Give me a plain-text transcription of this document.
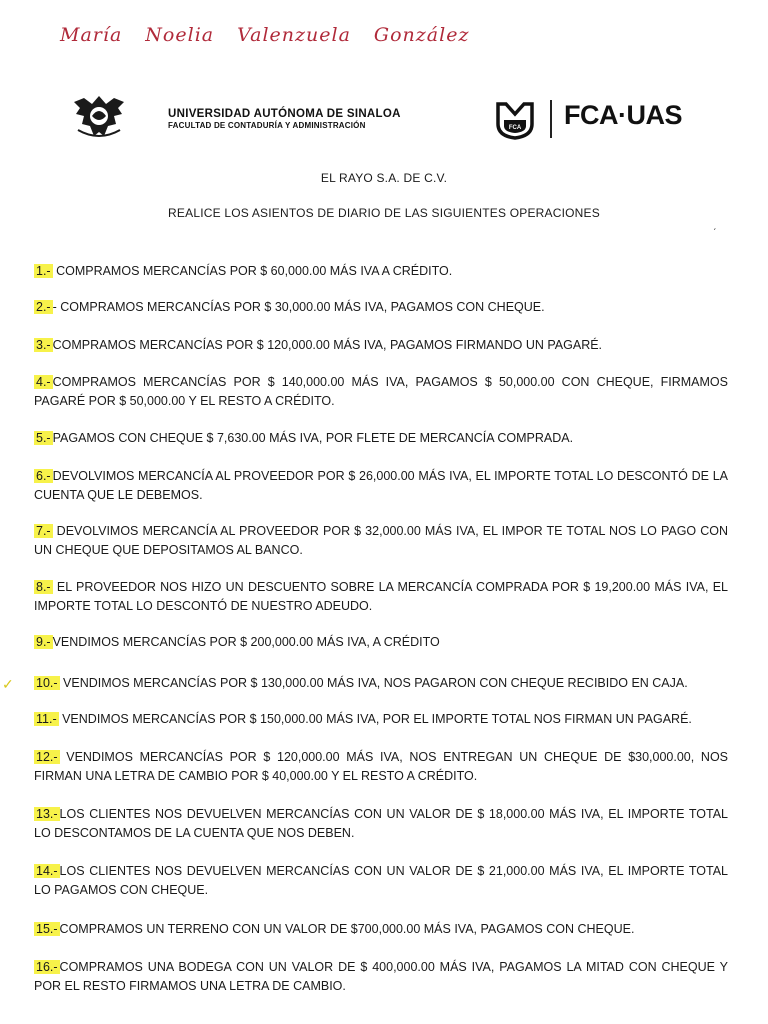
María Noelia Valenzuela González
UNIVERSIDAD AUTÓNOMA DE SINALOA
FACULTAD DE CONTADURÍA Y ADMINISTRACIÓN	FCA FCA·UAS
EL RAYO S.A. DE C.V.
REALICE LOS ASIENTOS DE DIARIO DE LAS SIGUIENTES OPERACIONES
ˊ
1.- COMPRAMOS MERCANCÍAS POR $ 60,000.00 MÁS IVA A CRÉDITO.
2.- - COMPRAMOS MERCANCÍAS POR $ 30,000.00 MÁS IVA, PAGAMOS CON CHEQUE.
3.- COMPRAMOS MERCANCÍAS POR $ 120,000.00 MÁS IVA, PAGAMOS FIRMANDO UN PAGARÉ.
4.- COMPRAMOS MERCANCÍAS POR $ 140,000.00 MÁS IVA, PAGAMOS $ 50,000.00 CON CHEQUE, FIRMAMOS PAGARÉ POR $ 50,000.00 Y EL RESTO A CRÉDITO.
5.- PAGAMOS CON CHEQUE $ 7,630.00 MÁS IVA, POR FLETE DE MERCANCÍA COMPRADA.
6.- DEVOLVIMOS MERCANCÍA AL PROVEEDOR POR $ 26,000.00 MÁS IVA, EL IMPORTE TOTAL LO DESCONTÓ DE LA CUENTA QUE LE DEBEMOS.
7.- DEVOLVIMOS MERCANCÍA AL PROVEEDOR POR $ 32,000.00 MÁS IVA, EL IMPOR TE TOTAL NOS LO PAGO CON UN CHEQUE QUE DEPOSITAMOS AL BANCO.
8.- EL PROVEEDOR NOS HIZO UN DESCUENTO SOBRE LA MERCANCÍA COMPRADA POR $ 19,200.00 MÁS IVA, EL IMPORTE TOTAL LO DESCONTÓ DE NUESTRO ADEUDO.
9.- VENDIMOS MERCANCÍAS POR $ 200,000.00 MÁS IVA, A CRÉDITO
10.- VENDIMOS MERCANCÍAS POR $ 130,000.00 MÁS IVA, NOS PAGARON CON CHEQUE RECIBIDO EN CAJA.
11.- VENDIMOS MERCANCÍAS POR $ 150,000.00 MÁS IVA, POR EL IMPORTE TOTAL NOS FIRMAN UN PAGARÉ.
12.- VENDIMOS MERCANCÍAS POR $ 120,000.00 MÁS IVA, NOS ENTREGAN UN CHEQUE DE $30,000.00, NOS FIRMAN UNA LETRA DE CAMBIO POR $ 40,000.00 Y EL RESTO A CRÉDITO.
13.- LOS CLIENTES NOS DEVUELVEN MERCANCÍAS CON UN VALOR DE $ 18,000.00 MÁS IVA, EL IMPORTE TOTAL LO DESCONTAMOS DE LA CUENTA QUE NOS DEBEN.
14.- LOS CLIENTES NOS DEVUELVEN MERCANCÍAS CON UN VALOR DE $ 21,000.00 MÁS IVA, EL IMPORTE TOTAL LO PAGAMOS CON CHEQUE.
15.- COMPRAMOS UN TERRENO CON UN VALOR DE $700,000.00 MÁS IVA, PAGAMOS CON CHEQUE.
16.- COMPRAMOS UNA BODEGA CON UN VALOR DE $ 400,000.00 MÁS IVA, PAGAMOS LA MITAD CON CHEQUE Y POR EL RESTO FIRMAMOS UNA LETRA DE CAMBIO.
✓
